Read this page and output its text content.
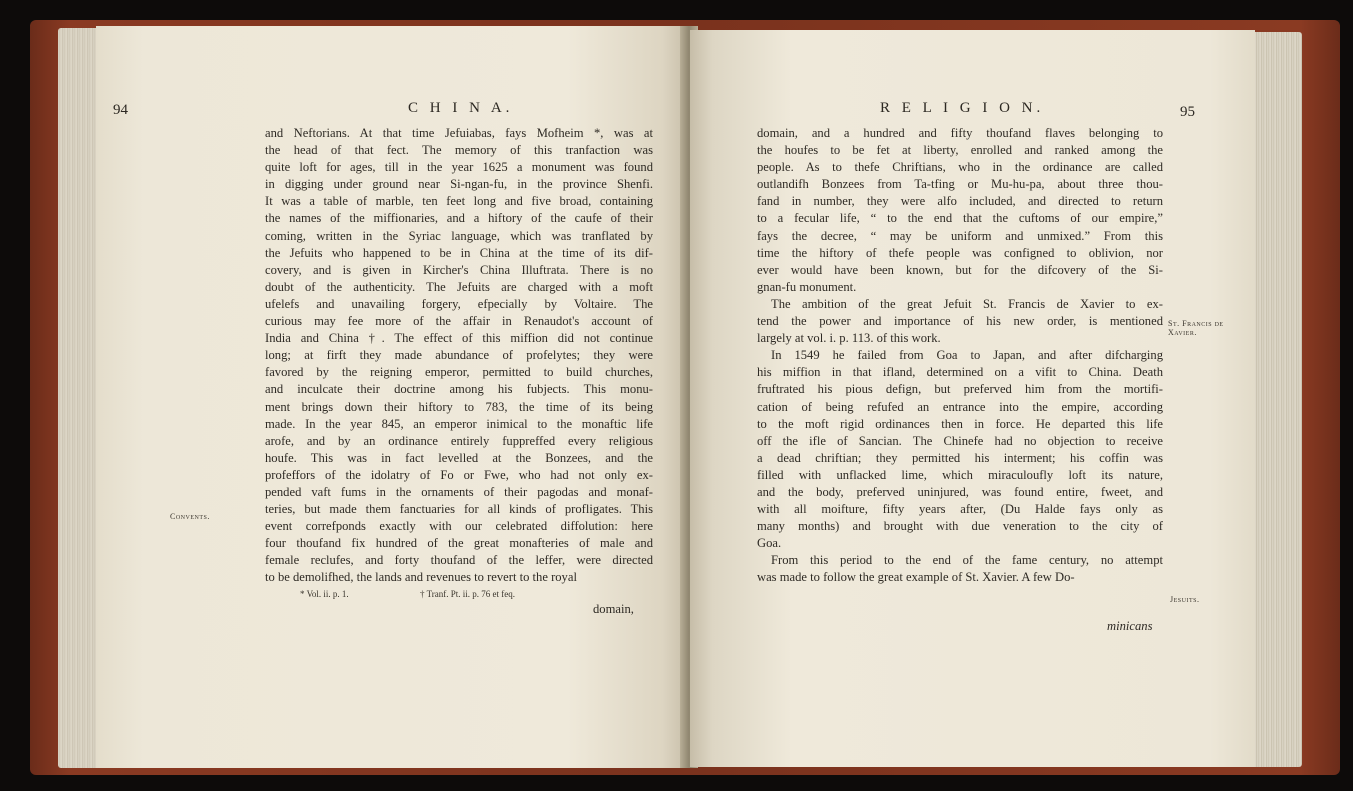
94	C H I N A.
and Neftorians. At that time Jefuiabas, fays Mofheim *, was at
the head of that fect. The memory of this tranfaction was
quite loft for ages, till in the year 1625 a monument was found
in digging under ground near Si-ngan-fu, in the province Shenfi.
It was a table of marble, ten feet long and five broad, containing
the names of the miffionaries, and a hiftory of the caufe of their
coming, written in the Syriac language, which was tranflated by
the Jefuits who happened to be in China at the time of its dif-
covery, and is given in Kircher's China Illuftrata. There is no
doubt of the authenticity. The Jefuits are charged with a moft
ufelefs and unavailing forgery, efpecially by Voltaire. The
curious may fee more of the affair in Renaudot's account of
India and China †. The effect of this miffion did not continue
long; at firft they made abundance of profelytes; they were
favored by the reigning emperor, permitted to build churches,
and inculcate their doctrine among his fubjects. This monu-
ment brings down their hiftory to 783, the time of its being
made. In the year 845, an emperor inimical to the monaftic life
arofe, and by an ordinance entirely fuppreffed every religious
houfe. This was in fact levelled at the Bonzees, and the
profeffors of the idolatry of Fo or Fwe, who had not only ex-
pended vaft fums in the ornaments of their pagodas and monaf-
teries, but made them fanctuaries for all kinds of profligates. This
event correfponds exactly with our celebrated diffolution: here
four thoufand fix hundred of the great monafteries of male and
female reclufes, and forty thoufand of the leffer, were directed
to be demolifhed, the lands and revenues to revert to the royal
Convents.
* Vol. ii. p. 1.	† Tranf. Pt. ii. p. 76 et feq.
domain,
R E L I G I O N.	95
domain, and a hundred and fifty thoufand flaves belonging to
the houfes to be fet at liberty, enrolled and ranked among the
people. As to thefe Chriftians, who in the ordinance are called
outlandifh Bonzees from Ta-tfing or Mu-hu-pa, about three thou-
fand in number, they were alfo included, and directed to return
to a fecular life, “ to the end that the cuftoms of our empire,”
fays the decree, “ may be uniform and unmixed.” From this
time the hiftory of thefe people was configned to oblivion, nor
ever would have been known, but for the difcovery of the Si-
gnan-fu monument.
The ambition of the great Jefuit St. Francis de Xavier to ex-
tend the power and importance of his new order, is mentioned
largely at vol. i. p. 113. of this work.
In 1549 he failed from Goa to Japan, and after difcharging
his miffion in that ifland, determined on a vifit to China. Death
fruftrated his pious defign, but preferved him from the mortifi-
cation of being refufed an entrance into the empire, according
to the moft rigid ordinances then in force. He departed this life
off the ifle of Sancian. The Chinefe had no objection to receive
a dead chriftian; they permitted his interment; his coffin was
filled with unflacked lime, which miraculoufly loft its nature,
and the body, preferved uninjured, was found entire, fweet, and
with all moifture, fifty years after, (Du Halde fays only as
many months) and brought with due veneration to the city of
Goa.
From this period to the end of the fame century, no attempt
was made to follow the great example of St. Xavier. A few Do-
St. Francis de Xavier.
Jesuits.
minicans
